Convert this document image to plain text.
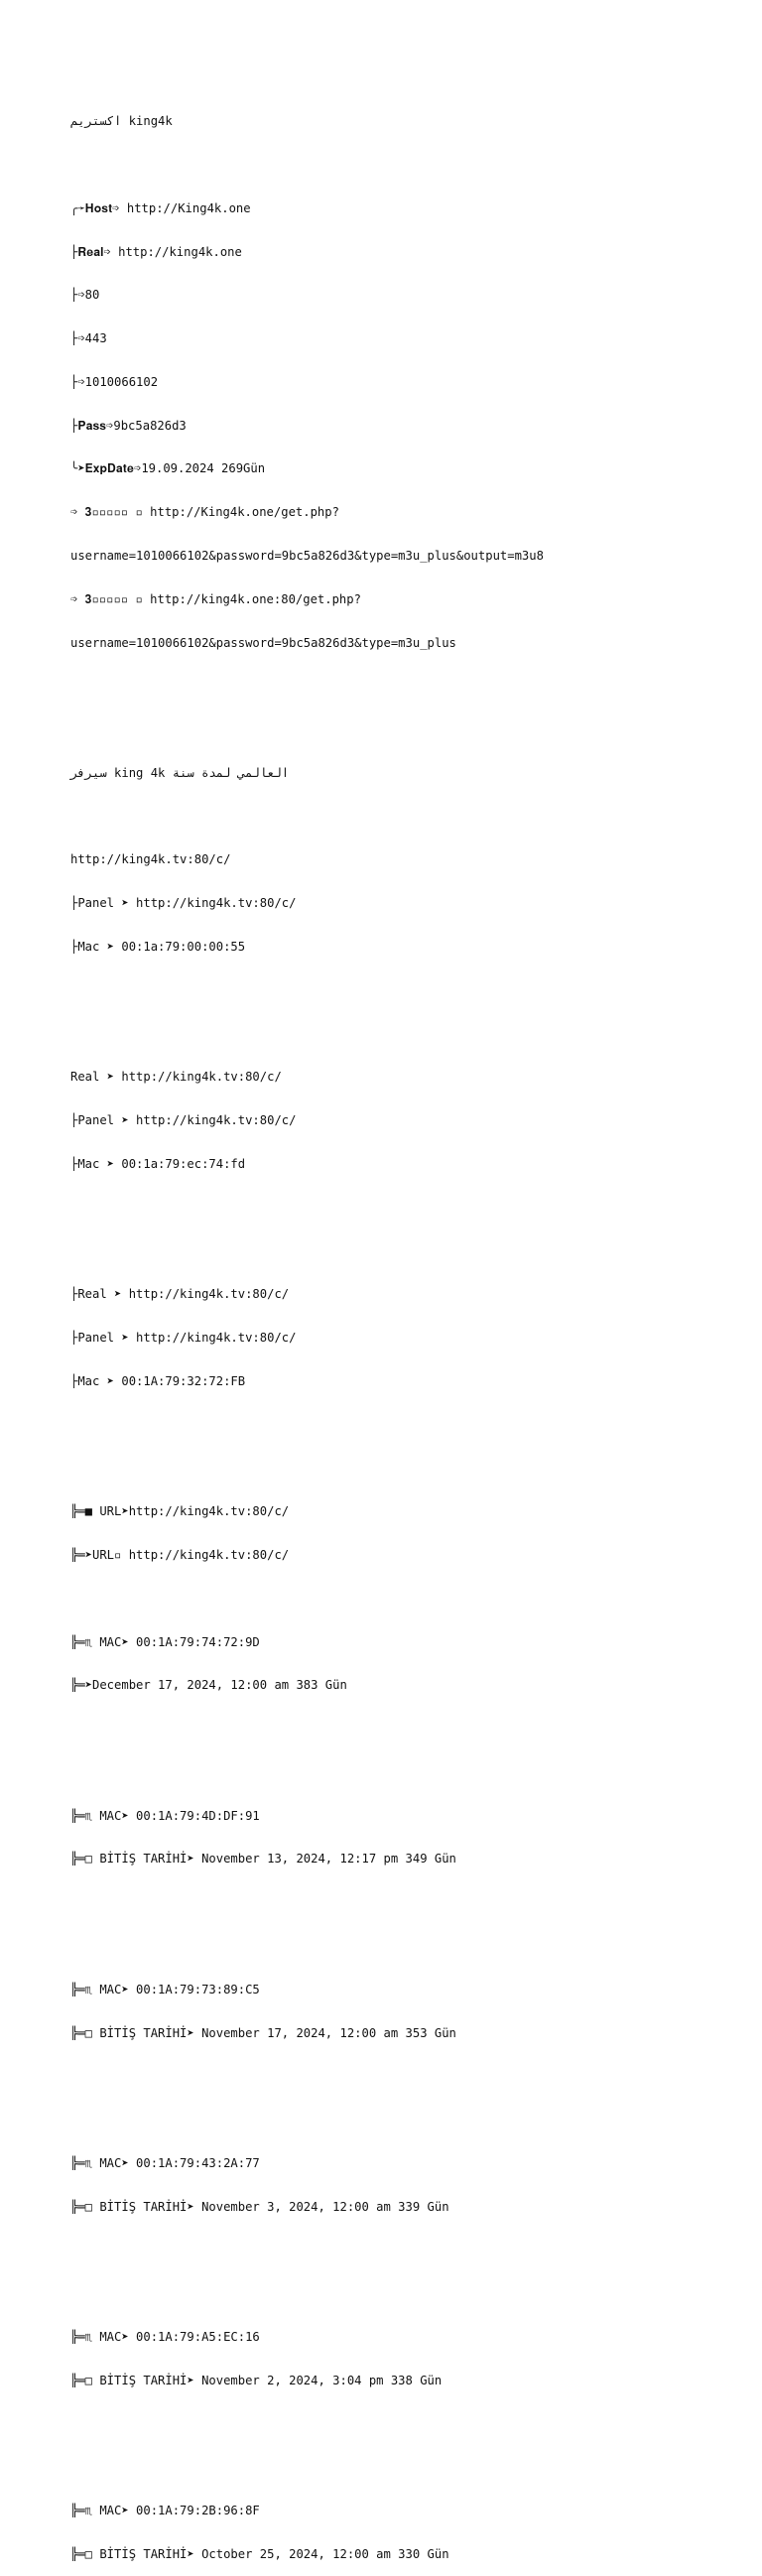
اكستريم king4k

╭➛𝐇𝐨𝐬𝐭➩ http://King4k.one

├𝐑𝐞𝐚𝐥➩ http://king4k.one

├➩80

├➩443

├➩1010066102

├𝐏𝐚𝐬𝐬➩9bc5a826d3

╰➤𝐄𝐱𝐩𝐃𝐚𝐭𝐞➩19.09.2024 269Gün

➩ 𝟑▫▫▫▫▫ ▫ http://King4k.one/get.php?

username=1010066102&password=9bc5a826d3&type=m3u_plus&output=m3u8

➩ 𝟑▫▫▫▫▫ ▫ http://king4k.one:80/get.php?

username=1010066102&password=9bc5a826d3&type=m3u_plus

سيرفر king 4k العالمي لمدة سنة

http://king4k.tv:80/c/

├Panel ➤ http://king4k.tv:80/c/

├Mac ➤ 00:1a:79:00:00:55

Real ➤ http://king4k.tv:80/c/

├Panel ➤ http://king4k.tv:80/c/

├Mac ➤ 00:1a:79:ec:74:fd

├Real ➤ http://king4k.tv:80/c/

├Panel ➤ http://king4k.tv:80/c/

├Mac ➤ 00:1A:79:32:72:FB

╠═■ URL➤http://king4k.tv:80/c/

╠═➤URL▫ http://king4k.tv:80/c/

╠═♏ MAC➤ 00:1A:79:74:72:9D

╠═➤December 17, 2024, 12:00 am 383 Gün

╠═♏ MAC➤ 00:1A:79:4D:DF:91

╠═□ BİTİŞ TARİHİ➤ November 13, 2024, 12:17 pm 349 Gün

╠═♏ MAC➤ 00:1A:79:73:89:C5

╠═□ BİTİŞ TARİHİ➤ November 17, 2024, 12:00 am 353 Gün

╠═♏ MAC➤ 00:1A:79:43:2A:77

╠═□ BİTİŞ TARİHİ➤ November 3, 2024, 12:00 am 339 Gün

╠═♏ MAC➤ 00:1A:79:A5:EC:16

╠═□ BİTİŞ TARİHİ➤ November 2, 2024, 3:04 pm 338 Gün

╠═♏ MAC➤ 00:1A:79:2B:96:8F

╠═□ BİTİŞ TARİHİ➤ October 25, 2024, 12:00 am 330 Gün
